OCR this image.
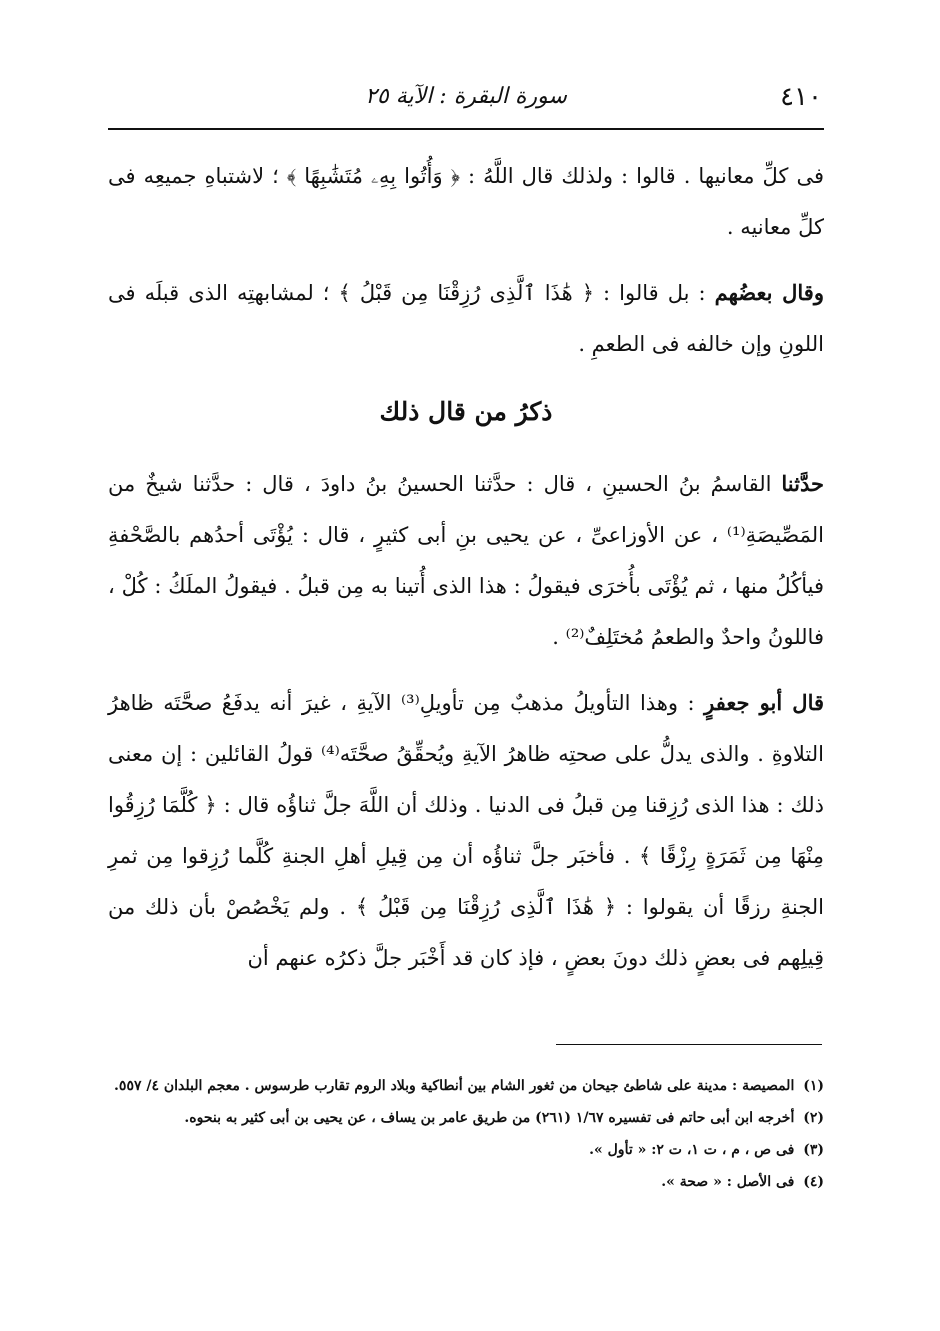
٤١٠
سورة البقرة : الآية ٢٥

فى كلِّ معانيها . قالوا : ولذلك قال اللَّهُ : ﴿ وَأُتُوا بِهِۦ مُتَشَٰبِهًا ﴾ ؛ لاشتباهِ جميعِه فى كلِّ معانيه .

وقال بعضُهم : بل قالوا : ﴿ هَٰذَا ٱلَّذِى رُزِقْنَا مِن قَبْلُ ﴾ ؛ لمشابهتِه الذى قبلَه فى اللونِ وإن خالفه فى الطعمِ .

ذكرُ من قال ذلك

حدَّثنا القاسمُ بنُ الحسينِ ، قال : حدَّثنا الحسينُ بنُ داودَ ، قال : حدَّثنا شيخٌ من المَصِّيصَةِ⁽¹⁾ ، عن الأوزاعىِّ ، عن يحيى بنِ أبى كثيرٍ ، قال : يُؤْتَى أحدُهم بالصَّحْفةِ فيأكُلُ منها ، ثم يُؤْتَى بأُخرَى فيقولُ : هذا الذى أُتينا به مِن قبلُ . فيقولُ الملَكُ : كُلْ ، فاللونُ واحدٌ والطعمُ مُختَلِفٌ⁽²⁾ .

قال أبو جعفرٍ : وهذا التأويلُ مذهبٌ مِن تأويلِ⁽³⁾ الآيةِ ، غيرَ أنه يدفَعُ صحَّتَه ظاهرُ التلاوةِ . والذى يدلُّ على صحتِه ظاهرُ الآيةِ ويُحقِّقُ صحَّتَه⁽⁴⁾ قولُ القائلين : إن معنى ذلك : هذا الذى رُزِقنا مِن قبلُ فى الدنيا . وذلك أن اللَّهَ جلَّ ثناؤُه قال : ﴿ كُلَّمَا رُزِقُوا مِنْهَا مِن ثَمَرَةٍ رِزْقًا ﴾ . فأخبَر جلَّ ثناؤُه أن مِن قِيلِ أهلِ الجنةِ كُلَّما رُزِقوا مِن ثمرِ الجنةِ رزقًا أن يقولوا : ﴿ هَٰذَا ٱلَّذِى رُزِقْنَا مِن قَبْلُ ﴾ . ولم يَخْصُصْ بأن ذلك من قِيلِهم فى بعضٍ ذلك دونَ بعضٍ ، فإذ كان قد أَخْبَر جلَّ ذكرُه عنهم أن

(١) المصيصة : مدينة على شاطئ جيحان من ثغور الشام بين أنطاكية وبلاد الروم تقارب طرسوس . معجم البلدان ٤/ ٥٥٧.

(٢) أخرجه ابن أبى حاتم فى تفسيره ١/٦٧ (٢٦١) من طريق عامر بن يساف ، عن يحيى بن أبى كثير به بنحوه.

(٣) فى ص ، م ، ت ١، ت ٢: « تأول ».

(٤) فى الأصل : « صحة ».
